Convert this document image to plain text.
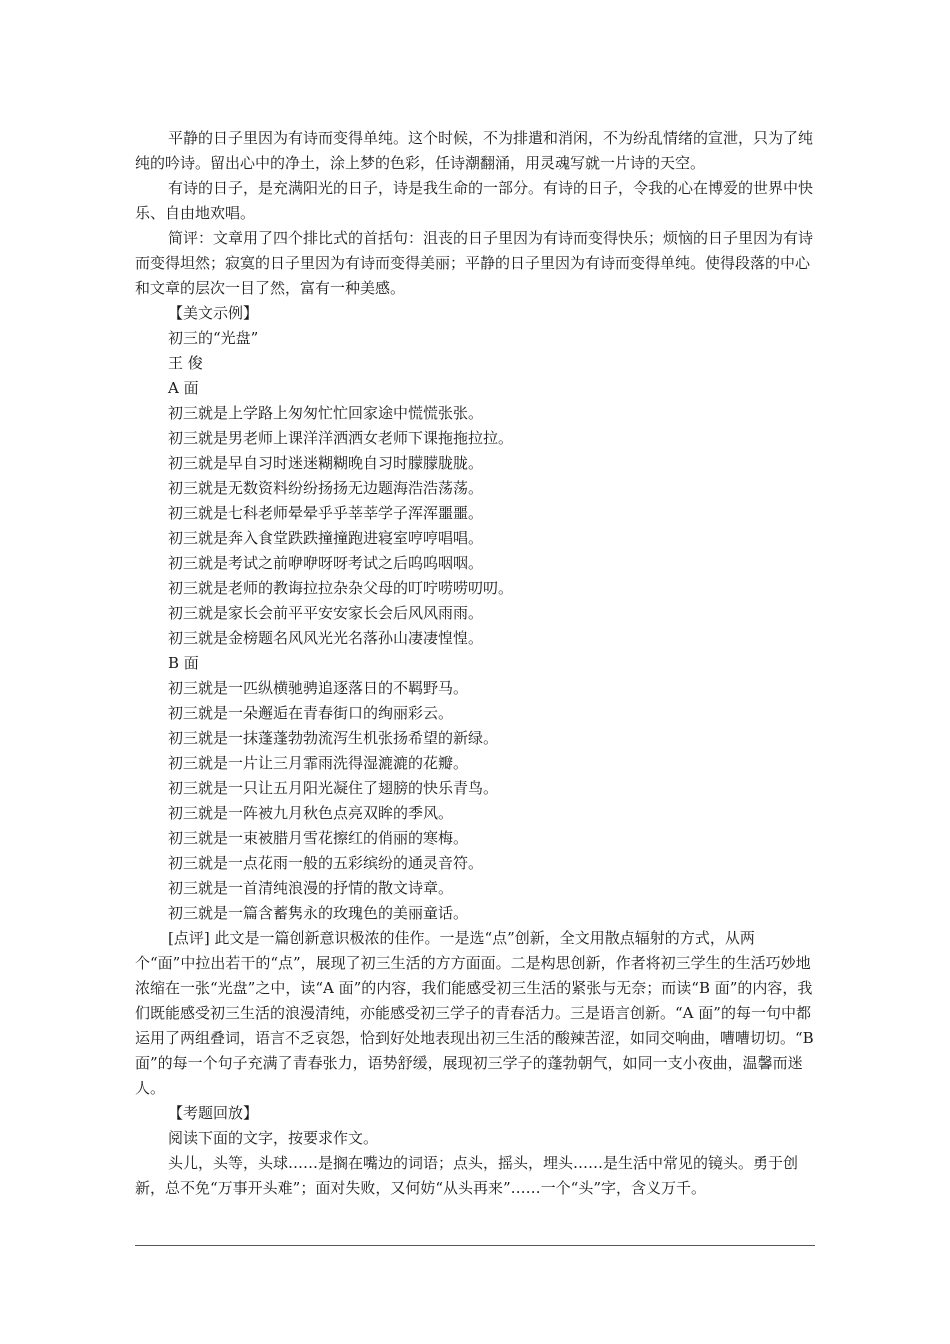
平静的日子里因为有诗而变得单纯。这个时候，不为排遣和消闲，不为纷乱情绪的宣泄，只为了纯纯的吟诗。留出心中的净土，涂上梦的色彩，任诗潮翻涌，用灵魂写就一片诗的天空。

有诗的日子，是充满阳光的日子，诗是我生命的一部分。有诗的日子，令我的心在博爱的世界中快乐、自由地欢唱。

简评：文章用了四个排比式的首括句：沮丧的日子里因为有诗而变得快乐；烦恼的日子里因为有诗而变得坦然；寂寞的日子里因为有诗而变得美丽；平静的日子里因为有诗而变得单纯。使得段落的中心和文章的层次一目了然，富有一种美感。

【美文示例】

初三的“光盘”

王 俊

A 面

初三就是上学路上匆匆忙忙回家途中慌慌张张。

初三就是男老师上课洋洋洒洒女老师下课拖拖拉拉。

初三就是早自习时迷迷糊糊晚自习时朦朦胧胧。

初三就是无数资料纷纷扬扬无边题海浩浩荡荡。

初三就是七科老师晕晕乎乎莘莘学子浑浑噩噩。

初三就是奔入食堂跌跌撞撞跑进寝室哼哼唱唱。

初三就是考试之前咿咿呀呀考试之后呜呜咽咽。

初三就是老师的教诲拉拉杂杂父母的叮咛唠唠叨叨。

初三就是家长会前平平安安家长会后风风雨雨。

初三就是金榜题名风风光光名落孙山凄凄惶惶。

B 面

初三就是一匹纵横驰骋追逐落日的不羁野马。

初三就是一朵邂逅在青春街口的绚丽彩云。

初三就是一抹蓬蓬勃勃流泻生机张扬希望的新绿。

初三就是一片让三月霏雨洗得湿漉漉的花瓣。

初三就是一只让五月阳光凝住了翅膀的快乐青鸟。

初三就是一阵被九月秋色点亮双眸的季风。

初三就是一束被腊月雪花擦红的俏丽的寒梅。

初三就是一点花雨一般的五彩缤纷的通灵音符。

初三就是一首清纯浪漫的抒情的散文诗章。

初三就是一篇含蓄隽永的玫瑰色的美丽童话。

[点评] 此文是一篇创新意识极浓的佳作。一是选“点”创新，全文用散点辐射的方式，从两个“面”中拉出若干的“点”，展现了初三生活的方方面面。二是构思创新，作者将初三学生的生活巧妙地浓缩在一张“光盘”之中，读“A 面”的内容，我们能感受初三生活的紧张与无奈；而读“B 面”的内容，我们既能感受初三生活的浪漫清纯，亦能感受初三学子的青春活力。三是语言创新。“A 面”的每一句中都运用了两组叠词，语言不乏哀怨，恰到好处地表现出初三生活的酸辣苦涩，如同交响曲，嘈嘈切切。“B 面”的每一个句子充满了青春张力，语势舒缓，展现初三学子的蓬勃朝气，如同一支小夜曲，温馨而迷人。

【考题回放】

阅读下面的文字，按要求作文。

头儿，头等，头球……是搁在嘴边的词语；点头，摇头，埋头……是生活中常见的镜头。勇于创新，总不免“万事开头难”；面对失败，又何妨“从头再来”……一个“头”字，含义万千。
